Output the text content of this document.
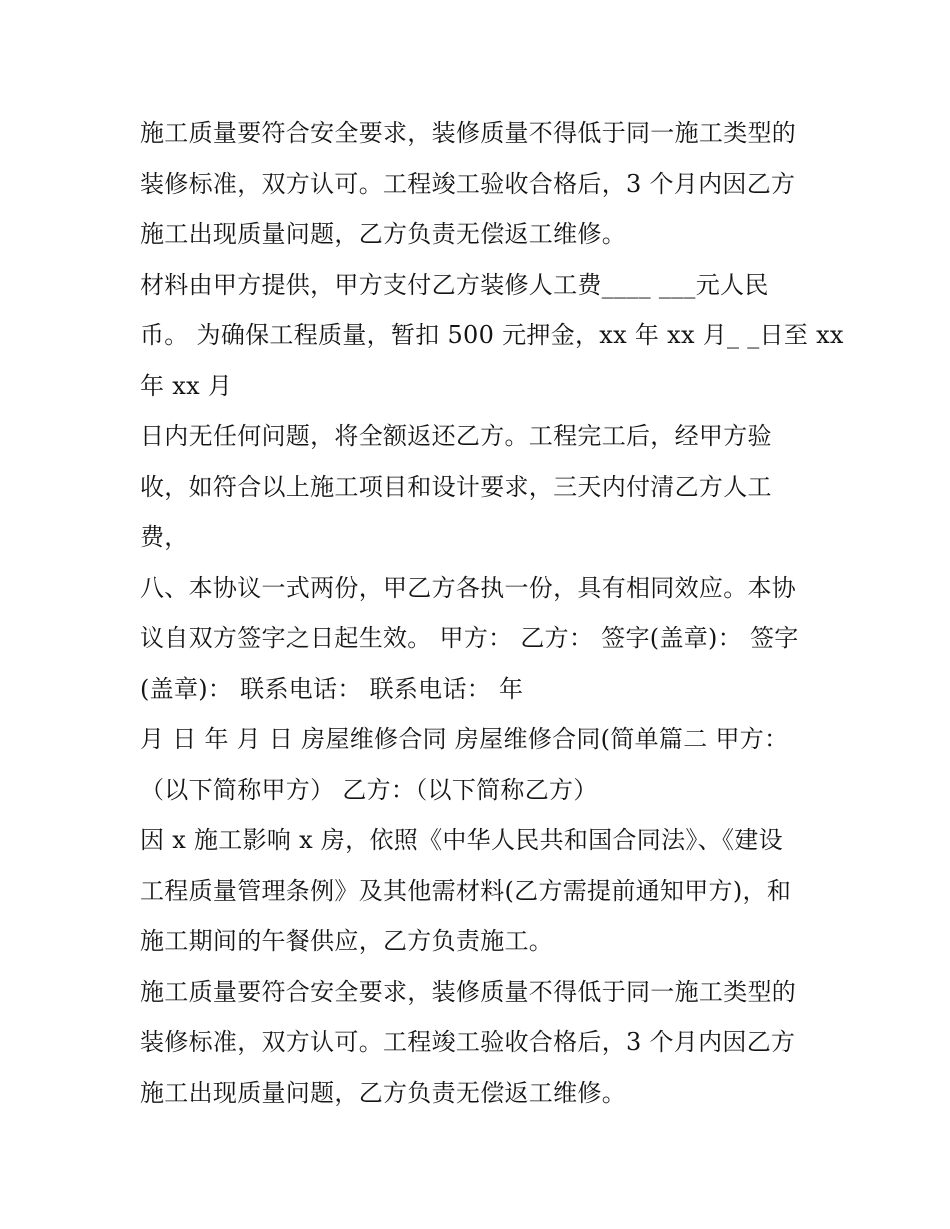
施工质量要符合安全要求，装修质量不得低于同一施工类型的
装修标准，双方认可。工程竣工验收合格后，3 个月内因乙方
施工出现质量问题，乙方负责无偿返工维修。
材料由甲方提供，甲方支付乙方装修人工费____ ___元人民
币。 为确保工程质量，暂扣 500 元押金，xx 年 xx 月_ _日至 xx
年 xx 月
日内无任何问题，将全额返还乙方。工程完工后，经甲方验
收，如符合以上施工项目和设计要求，三天内付清乙方人工
费，
八、本协议一式两份，甲乙方各执一份，具有相同效应。本协
议自双方签字之日起生效。 甲方： 乙方： 签字(盖章)： 签字
(盖章)： 联系电话： 联系电话： 年
月 日 年 月 日 房屋维修合同 房屋维修合同(简单篇二 甲方：
（以下简称甲方） 乙方：（以下简称乙方）
因 x 施工影响 x 房，依照《中华人民共和国合同法》、《建设
工程质量管理条例》及其他需材料(乙方需提前通知甲方)，和
施工期间的午餐供应，乙方负责施工。
施工质量要符合安全要求，装修质量不得低于同一施工类型的
装修标准，双方认可。工程竣工验收合格后，3 个月内因乙方
施工出现质量问题，乙方负责无偿返工维修。
